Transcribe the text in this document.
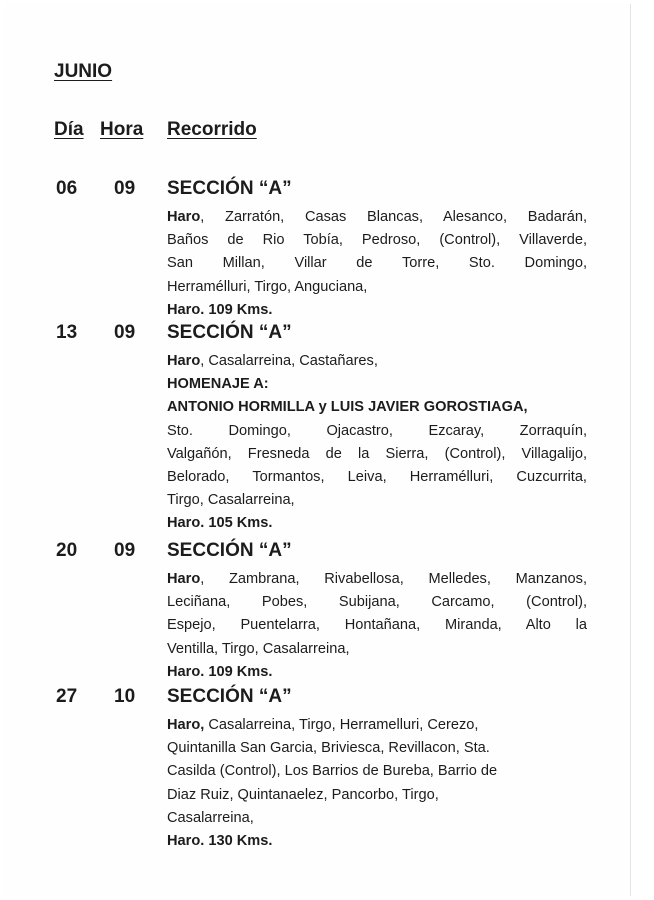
JUNIO
Día Hora Recorrido
06 09 SECCIÓN “A”
Haro, Zarratón, Casas Blancas, Alesanco, Badarán,
Baños de Rio Tobía, Pedroso, (Control), Villaverde,
San Millan, Villar de Torre, Sto. Domingo,
Herramélluri, Tirgo, Anguciana,
Haro. 109 Kms.
13 09 SECCIÓN “A”
Haro, Casalarreina, Castañares,
HOMENAJE A:
ANTONIO HORMILLA y LUIS JAVIER GOROSTIAGA,
Sto. Domingo, Ojacastro, Ezcaray, Zorraquín,
Valgañón, Fresneda de la Sierra, (Control), Villagalijo,
Belorado, Tormantos, Leiva, Herramélluri, Cuzcurrita,
Tirgo, Casalarreina,
Haro. 105 Kms.
20 09 SECCIÓN “A”
Haro, Zambrana, Rivabellosa, Melledes, Manzanos,
Leciñana, Pobes, Subijana, Carcamo, (Control),
Espejo, Puentelarra, Hontañana, Miranda, Alto la
Ventilla, Tirgo, Casalarreina,
Haro. 109 Kms.
27 10 SECCIÓN “A”
Haro, Casalarreina, Tirgo, Herramelluri, Cerezo,
Quintanilla San Garcia, Briviesca, Revillacon, Sta.
Casilda (Control), Los Barrios de Bureba, Barrio de
Diaz Ruiz, Quintanaelez, Pancorbo, Tirgo,
Casalarreina,
Haro. 130 Kms.
